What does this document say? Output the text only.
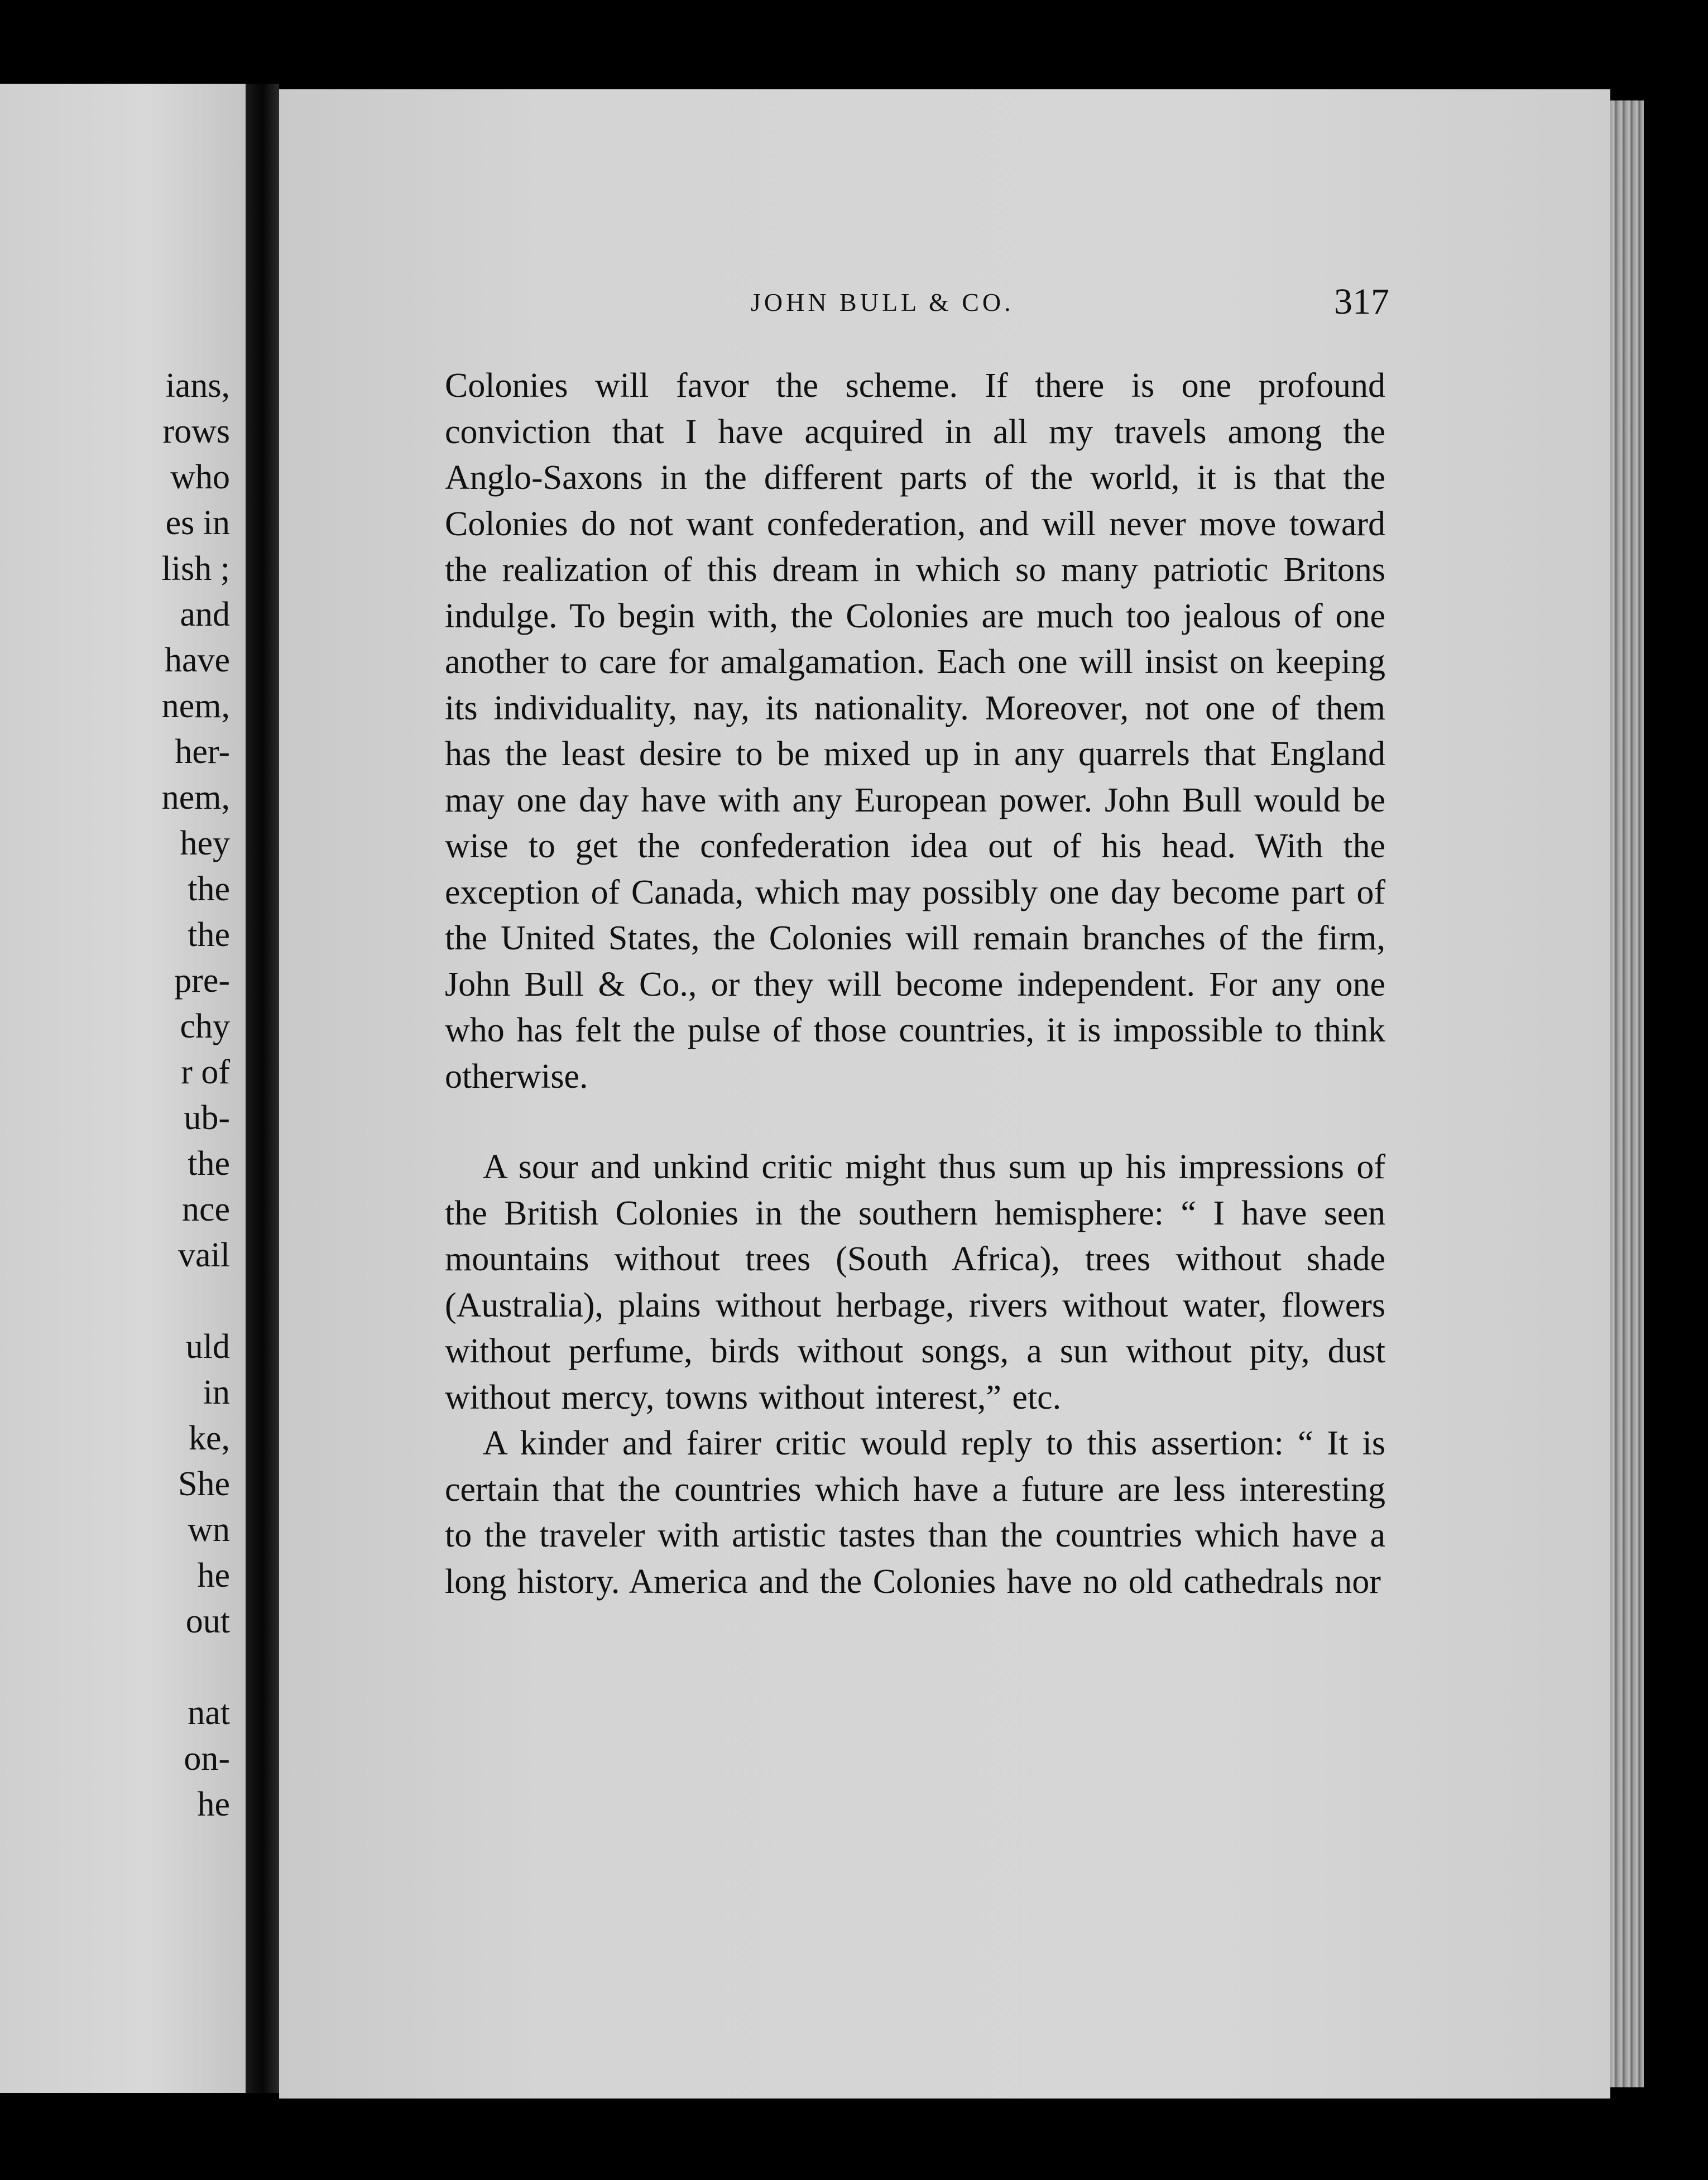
ians,
rows
who
es in
lish ;
and
have
nem,
her-
nem,
hey
the
the
pre-
chy
r of
ub-
the
nce
vail
uld
in
ke,
She
wn
he
out
nat
on-
he
JOHN BULL & CO.	317

Colonies will favor the scheme. If there is one profound conviction that I have acquired in all my travels among the Anglo-Saxons in the different parts of the world, it is that the Colonies do not want confederation, and will never move toward the realization of this dream in which so many patriotic Britons indulge. To begin with, the Colonies are much too jealous of one another to care for amalgamation. Each one will insist on keeping its individuality, nay, its nationality. Moreover, not one of them has the least desire to be mixed up in any quarrels that England may one day have with any European power. John Bull would be wise to get the confederation idea out of his head. With the exception of Canada, which may possibly one day become part of the United States, the Colonies will remain branches of the firm, John Bull & Co., or they will become independent. For any one who has felt the pulse of those countries, it is impossible to think otherwise.

A sour and unkind critic might thus sum up his impressions of the British Colonies in the southern hemisphere: “ I have seen mountains without trees (South Africa), trees without shade (Australia), plains without herbage, rivers without water, flowers without perfume, birds without songs, a sun without pity, dust without mercy, towns without interest,” etc.

A kinder and fairer critic would reply to this assertion: “ It is certain that the countries which have a future are less interesting to the traveler with artistic tastes than the countries which have a long history. America and the Colonies have no old cathedrals nor
